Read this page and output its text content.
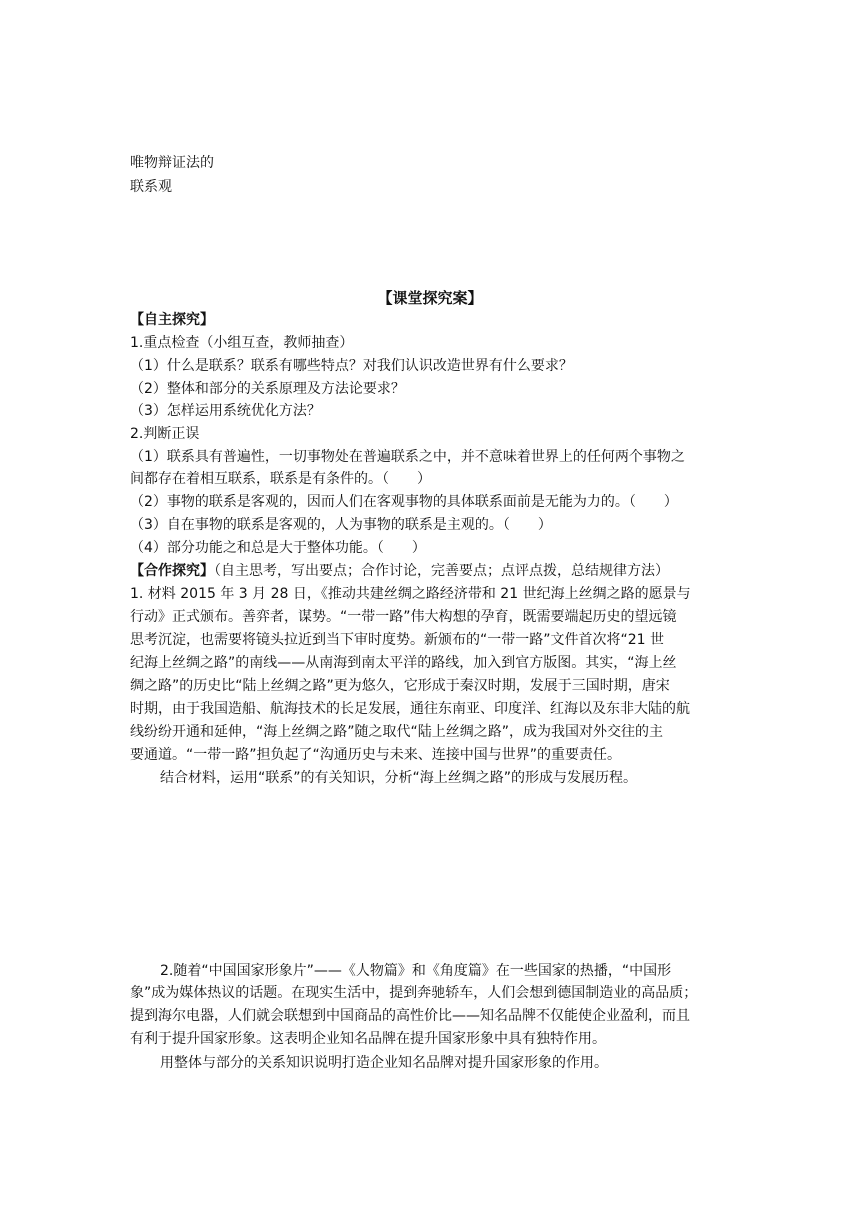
唯物辩证法的
联系观
【课堂探究案】
【自主探究】
1.重点检查（小组互查，教师抽查）
（1）什么是联系？联系有哪些特点？对我们认识改造世界有什么要求？
（2）整体和部分的关系原理及方法论要求？
（3）怎样运用系统优化方法？
2.判断正误
（1）联系具有普遍性，一切事物处在普遍联系之中，并不意味着世界上的任何两个事物之
间都存在着相互联系，联系是有条件的。（　　）
（2）事物的联系是客观的，因而人们在客观事物的具体联系面前是无能为力的。（　　）
（3）自在事物的联系是客观的，人为事物的联系是主观的。（　　）
（4）部分功能之和总是大于整体功能。（　　）
【合作探究】（自主思考，写出要点；合作讨论，完善要点；点评点拨，总结规律方法）
1. 材料 2015 年 3 月 28 日，《推动共建丝绸之路经济带和 21 世纪海上丝绸之路的愿景与
行动》正式颁布。善弈者，谋势。“一带一路”伟大构想的孕育，既需要端起历史的望远镜
思考沉淀，也需要将镜头拉近到当下审时度势。新颁布的“一带一路”文件首次将“21 世
纪海上丝绸之路”的南线——从南海到南太平洋的路线，加入到官方版图。其实，“海上丝
绸之路”的历史比“陆上丝绸之路”更为悠久，它形成于秦汉时期，发展于三国时期，唐宋
时期，由于我国造船、航海技术的长足发展，通往东南亚、印度洋、红海以及东非大陆的航
线纷纷开通和延伸，“海上丝绸之路”随之取代“陆上丝绸之路”，成为我国对外交往的主
要通道。“一带一路”担负起了“沟通历史与未来、连接中国与世界”的重要责任。
结合材料，运用“联系”的有关知识，分析“海上丝绸之路”的形成与发展历程。
2.随着“中国国家形象片”——《人物篇》和《角度篇》在一些国家的热播，“中国形
象”成为媒体热议的话题。在现实生活中，提到奔驰轿车，人们会想到德国制造业的高品质；
提到海尔电器，人们就会联想到中国商品的高性价比——知名品牌不仅能使企业盈利，而且
有利于提升国家形象。这表明企业知名品牌在提升国家形象中具有独特作用。
用整体与部分的关系知识说明打造企业知名品牌对提升国家形象的作用。
